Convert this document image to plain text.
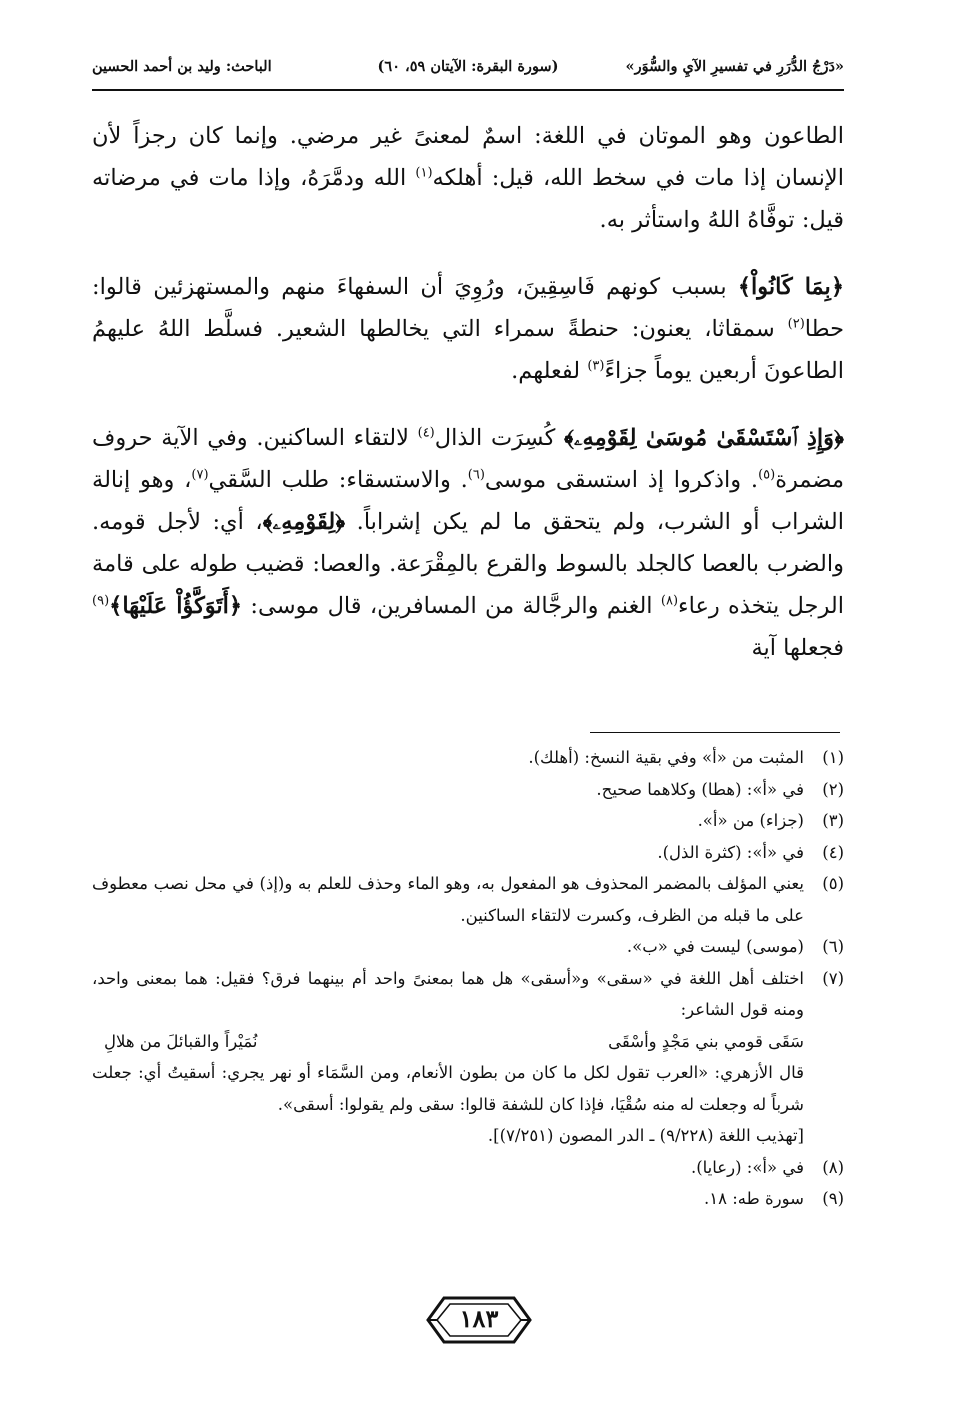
«دَرْجُ الدُّرَرِ في تفسيرِ الآيِ والسُّوَر»
(سورة البقرة: الآيتان ٥٩، ٦٠)
الباحث: وليد بن أحمد الحسين

الطاعون وهو الموتان في اللغة: اسمٌ لمعنىً غير مرضي. وإنما كان رجزاً لأن الإنسان إذا مات في سخط الله، قيل: أهلكه$^{(١)}$ الله ودمَّرَهُ، وإذا مات في مرضاته قيل: توفَّاهُ اللهُ واستأثر به.

﴿بِمَا كَانُواْ﴾ بسبب كونهم فَاسِقِينَ، ورُوِيَ أن السفهاءَ منهم والمستهزئين قالوا: حطا$^{(٢)}$ سمقاثا، يعنون: حنطةً سمراء التي يخالطها الشعير. فسلَّط اللهُ عليهمُ الطاعونَ أربعين يوماً جزاءً$^{(٣)}$ لفعلهم.

﴿وَإِذِ ٱسْتَسْقَىٰ مُوسَىٰ لِقَوْمِهِۦ﴾ كُسِرَت الذال$^{(٤)}$ لالتقاء الساكنين. وفي الآية حروف مضمرة$^{(٥)}$. واذكروا إذ استسقى موسى$^{(٦)}$. والاستسقاء: طلب السَّقي$^{(٧)}$، وهو إنالة الشراب أو الشرب، ولم يتحقق ما لم يكن إشراباً. ﴿لِقَوْمِهِۦ﴾، أي: لأجل قومه. والضرب بالعصا كالجلد بالسوط والقرع بالمِقْرَعة. والعصا: قضيب طوله على قامة الرجل يتخذه رعاء$^{(٨)}$ الغنم والرجَّالة من المسافرين، قال موسى: ﴿أَتَوَكَّؤُاْ عَلَيْهَا﴾$^{(٩)}$ فجعلها آية

(١)
المثبت من «أ» وفي بقية النسخ: (أهلك).
(٢)
في «أ»: (هطا) وكلاهما صحيح.
(٣)
(جزاء) من «أ».
(٤)
في «أ»: (كثرة الذل).
(٥)
يعني المؤلف بالمضمر المحذوف هو المفعول به، وهو الماء وحذف للعلم به و(إذ) في محل نصب معطوف على ما قبله من الظرف، وكسرت لالتقاء الساكنين.
(٦)
(موسى) ليست في «ب».
(٧)
اختلف أهل اللغة في «سقى» و«أسقى» هل هما بمعنىً واحد أم بينهما فرق؟ فقيل: هما بمعنى واحد، ومنه قول الشاعر:
سَقَى قومي بني مَجْدٍ وأسْقَى
نُمَيْراً والقبائلَ من هلالِ
قال الأزهري: «العرب تقول لكل ما كان من بطون الأنعام، ومن السَّمَاء أو نهر يجري: أسقيتُ أي: جعلت شرباً له وجعلت له منه سُقْيَا، فإذا كان للشفة قالوا: سقى ولم يقولوا: أسقى».
[تهذيب اللغة (٩/٢٢٨) ـ الدر المصون (٧/٢٥١)].
(٨)
في «أ»: (رعايا).
(٩)
سورة طه: ١٨.
١٨٣
